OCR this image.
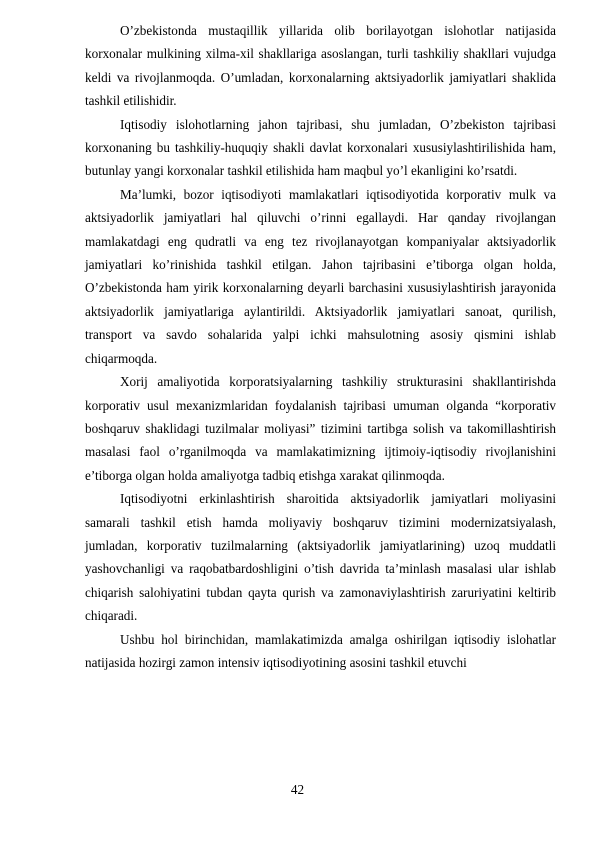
O’zbekistonda mustaqillik yillarida olib borilayotgan islohotlar natijasida korxonalar mulkining xilma-xil shakllariga asoslangan, turli tashkiliy shakllari vujudga keldi va rivojlanmoqda. O’umladan, korxonalarning aktsiyadorlik jamiyatlari shaklida tashkil etilishidir.

Iqtisodiy islohotlarning jahon tajribasi, shu jumladan, O’zbekiston tajribasi korxonaning bu tashkiliy-huquqiy shakli davlat korxonalari xususiylashtirilishida ham, butunlay yangi korxonalar tashkil etilishida ham maqbul yo’l ekanligini ko’rsatdi.

Ma’lumki, bozor iqtisodiyoti mamlakatlari iqtisodiyotida korporativ mulk va aktsiyadorlik jamiyatlari hal qiluvchi o’rinni egallaydi. Har qanday rivojlangan mamlakatdagi eng qudratli va eng tez rivojlanayotgan kompaniyalar aktsiyadorlik jamiyatlari ko’rinishida tashkil etilgan. Jahon tajribasini e’tiborga olgan holda, O’zbekistonda ham yirik korxonalarning deyarli barchasini xususiylashtirish jarayonida aktsiyadorlik jamiyatlariga aylantirildi. Aktsiyadorlik jamiyatlari sanoat, qurilish, transport va savdo sohalarida yalpi ichki mahsulotning asosiy qismini ishlab chiqarmoqda.

Xorij amaliyotida korporatsiyalarning tashkiliy strukturasini shakllantirishda korporativ usul mexanizmlaridan foydalanish tajribasi umuman olganda “korporativ boshqaruv shaklidagi tuzilmalar moliyasi” tizimini tartibga solish va takomillashtirish masalasi faol o’rganilmoqda va mamlakatimizning ijtimoiy-iqtisodiy rivojlanishini e’tiborga olgan holda amaliyotga tadbiq etishga xarakat qilinmoqda.

Iqtisodiyotni erkinlashtirish sharoitida aktsiyadorlik jamiyatlari moliyasini samarali tashkil etish hamda moliyaviy boshqaruv tizimini modernizatsiyalash, jumladan, korporativ tuzilmalarning (aktsiyadorlik jamiyatlarining) uzoq muddatli yashovchanligi va raqobatbardoshligini o’tish davrida ta’minlash masalasi ular ishlab chiqarish salohiyatini tubdan qayta qurish va zamonaviylashtirish zaruriyatini keltirib chiqaradi.

Ushbu hol birinchidan, mamlakatimizda amalga oshirilgan iqtisodiy islohatlar natijasida hozirgi zamon intensiv iqtisodiyotining asosini tashkil etuvchi

42
